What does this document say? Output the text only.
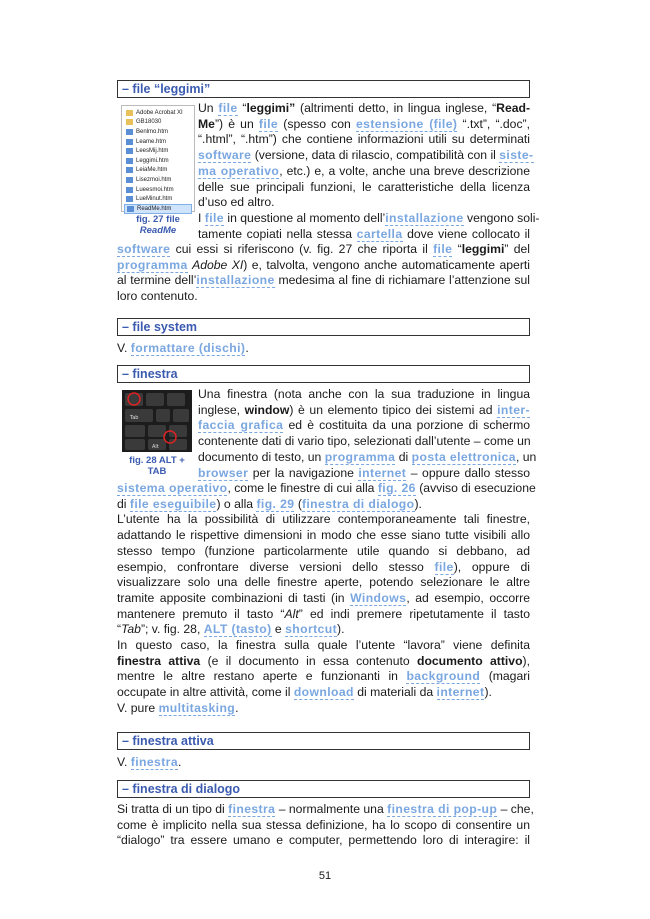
– file “leggimi”
Adobe Acrobat XI
GB18030
Benlmo.htm
Leame.htm
LeesMij.htm
Leggimi.htm
LeiaMe.htm
Lisezmoi.htm
Lueesmoi.htm
LueMinut.htm
ReadMe.htm
fig. 27 file
ReadMe
Un file “leggimi” (altrimenti detto, in lingua inglese, “Read-
Me”) è un file (spesso con estensione (file) “.txt”, “.doc”,
“.html”, “.htm”) che contiene informazioni utili su determinati
software (versione, data di rilascio, compatibilità con il siste-
ma operativo, etc.) e, a volte, anche una breve descrizione
delle sue principali funzioni, le caratteristiche della licenza
d’uso ed altro.
I file in questione al momento dell’installazione vengono soli-
tamente copiati nella stessa cartella dove viene collocato il
software cui essi si riferiscono (v. fig. 27 che riporta il file “leggimi” del
programma Adobe XI) e, talvolta, vengono anche automaticamente aperti
al termine dell’installazione medesima al fine di richiamare l’attenzione sul
loro contenuto.
– file system
V. formattare (dischi).
– finestra
Tab
Alt
fig. 28 ALT +
TAB
Una finestra (nota anche con la sua traduzione in lingua
inglese, window) è un elemento tipico dei sistemi ad inter-
faccia grafica ed è costituita da una porzione di schermo
contenente dati di vario tipo, selezionati dall’utente – come un
documento di testo, un programma di posta elettronica, un
browser per la navigazione internet – oppure dallo stesso
sistema operativo, come le finestre di cui alla fig. 26 (avviso di esecuzione
di file eseguibile) o alla fig. 29 (finestra di dialogo).
L’utente ha la possibilità di utilizzare contemporaneamente tali finestre,
adattando le rispettive dimensioni in modo che esse siano tutte visibili allo
stesso tempo (funzione particolarmente utile quando si debbano, ad
esempio, confrontare diverse versioni dello stesso file), oppure di
visualizzare solo una delle finestre aperte, potendo selezionare le altre
tramite apposite combinazioni di tasti (in Windows, ad esempio, occorre
mantenere premuto il tasto “Alt” ed indi premere ripetutamente il tasto
“Tab”; v. fig. 28, ALT (tasto) e shortcut).
In questo caso, la finestra sulla quale l’utente “lavora” viene definita
finestra attiva (e il documento in essa contenuto documento attivo),
mentre le altre restano aperte e funzionanti in background (magari
occupate in altre attività, come il download di materiali da internet).
V. pure multitasking.
– finestra attiva
V. finestra.
– finestra di dialogo
Si tratta di un tipo di finestra – normalmente una finestra di pop-up – che,
come è implicito nella sua stessa definizione, ha lo scopo di consentire un
“dialogo” tra essere umano e computer, permettendo loro di interagire: il
51
